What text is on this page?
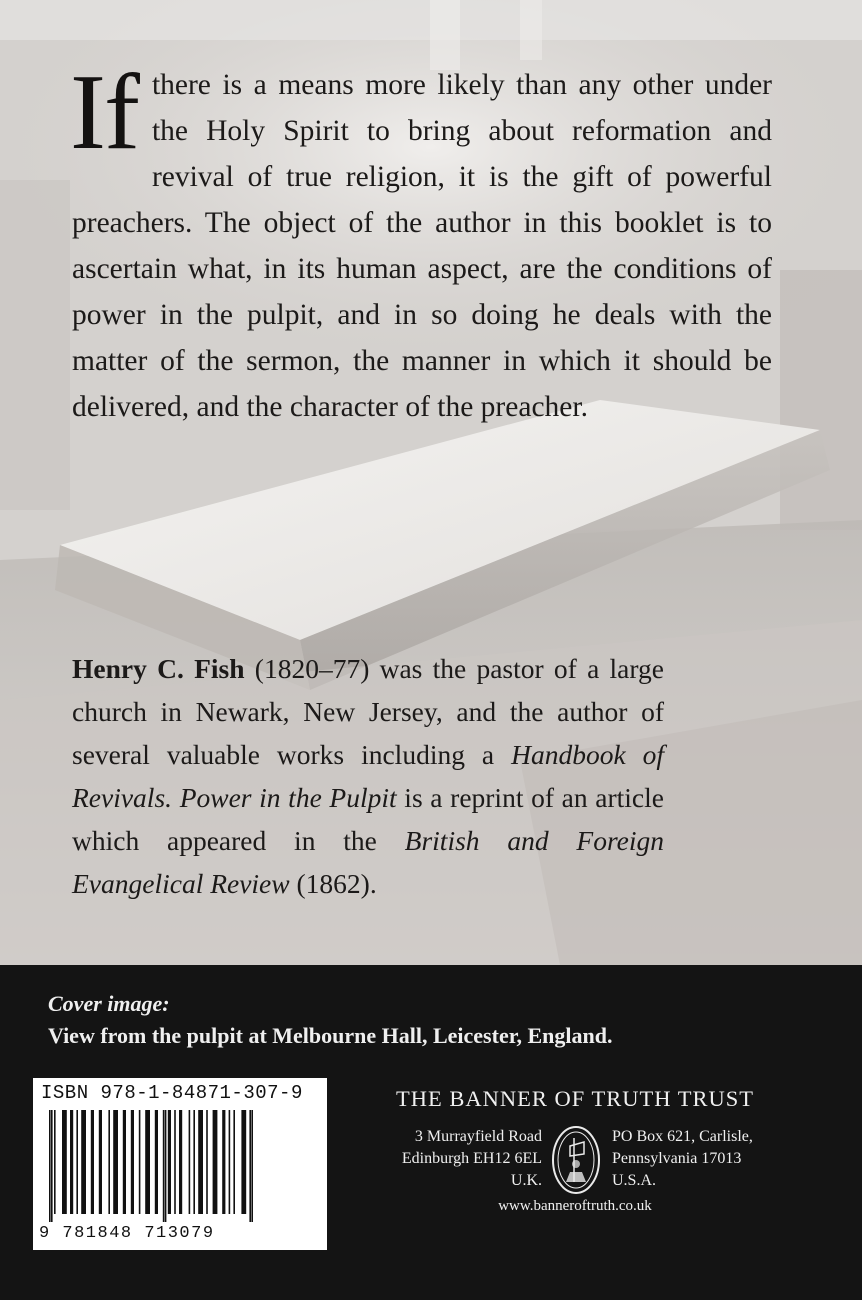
If there is a means more likely than any other under the Holy Spirit to bring about reformation and revival of true religion, it is the gift of powerful preachers. The object of the author in this booklet is to ascertain what, in its human aspect, are the conditions of power in the pulpit, and in so doing he deals with the matter of the sermon, the manner in which it should be delivered, and the character of the preacher.
Henry C. Fish (1820–77) was the pastor of a large church in Newark, New Jersey, and the author of several valuable works including a Handbook of Revivals. Power in the Pulpit is a reprint of an article which appeared in the British and Foreign Evangelical Review (1862).
Cover image:
View from the pulpit at Melbourne Hall, Leicester, England.
ISBN 978-1-84871-307-9
9 781848 713079
THE BANNER OF TRUTH TRUST
3 Murrayfield Road
Edinburgh EH12 6EL
U.K.
PO Box 621, Carlisle,
Pennsylvania 17013
U.S.A.
www.banneroftruth.co.uk
